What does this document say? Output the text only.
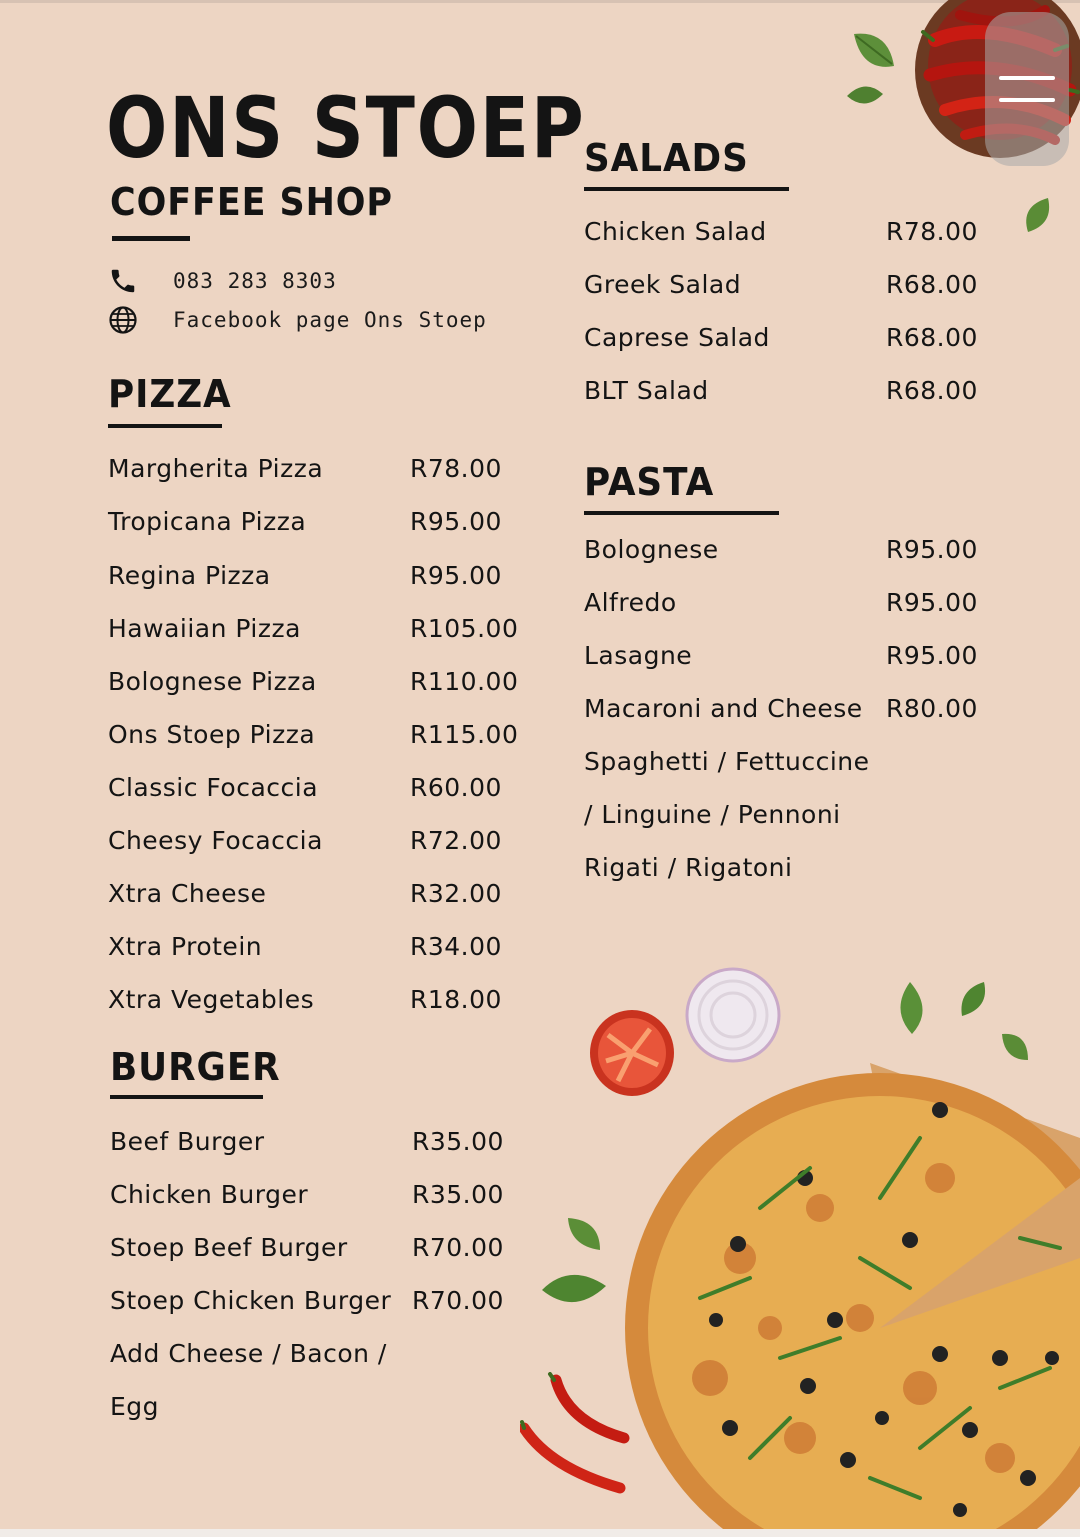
ONS STOEP
COFFEE SHOP
083 283 8303
Facebook page Ons Stoep
PIZZA
Margherita Pizza	R78.00
Tropicana Pizza	R95.00
Regina Pizza	R95.00
Hawaiian Pizza	R105.00
Bolognese Pizza	R110.00
Ons Stoep Pizza	R115.00
Classic Focaccia	R60.00
Cheesy Focaccia	R72.00
Xtra Cheese	R32.00
Xtra Protein	R34.00
Xtra Vegetables	R18.00
BURGER
Beef Burger	R35.00
Chicken Burger	R35.00
Stoep Beef Burger	R70.00
Stoep Chicken Burger R70.00
Add Cheese / Bacon /
Egg
SALADS
Chicken Salad	R78.00
Greek Salad	R68.00
Caprese Salad	R68.00
BLT Salad	R68.00
PASTA
Bolognese	R95.00
Alfredo	R95.00
Lasagne	R95.00
Macaroni and Cheese R80.00
Spaghetti / Fettuccine
/ Linguine / Pennoni
Rigati / Rigatoni
